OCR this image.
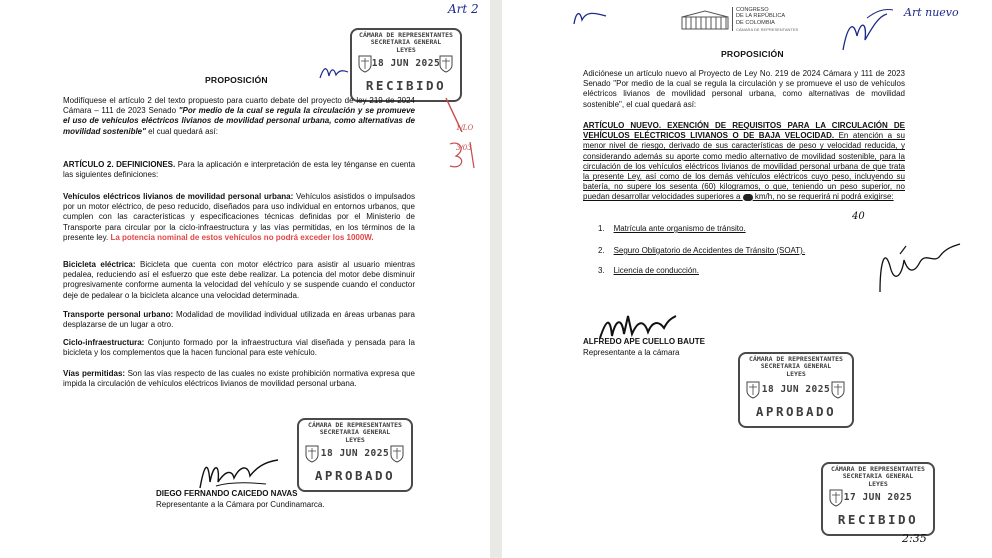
Art 2
PROPOSICIÓN
CÁMARA DE REPRESENTANTES
SECRETARIA GENERAL
LEYES
18 JUN 2025
RECIBIDO
1/LO 3/03
Modifíquese el artículo 2 del texto propuesto para cuarto debate del proyecto de ley 219 de 2024 Cámara – 111 de 2023 Senado "Por medio de la cual se regula la circulación y se promueve el uso de vehículos eléctricos livianos de movilidad personal urbana, como alternativas de movilidad sostenible" el cual quedará así:
ARTÍCULO 2. DEFINICIONES. Para la aplicación e interpretación de esta ley ténganse en cuenta las siguientes definiciones:
Vehículos eléctricos livianos de movilidad personal urbana: Vehículos asistidos o impulsados por un motor eléctrico, de peso reducido, diseñados para uso individual en entornos urbanos, que cumplen con las características y especificaciones técnicas definidas por el Ministerio de Transporte para circular por la ciclo-infraestructura y las vías permitidas, en los términos de la presente ley. La potencia nominal de estos vehículos no podrá exceder los 1000W.
Bicicleta eléctrica: Bicicleta que cuenta con motor eléctrico para asistir al usuario mientras pedalea, reduciendo así el esfuerzo que este debe realizar. La potencia del motor debe disminuir progresivamente conforme aumenta la velocidad del vehículo y se suspende cuando el conductor deje de pedalear o la bicicleta alcance una velocidad determinada.
Transporte personal urbano: Modalidad de movilidad individual utilizada en áreas urbanas para desplazarse de un lugar a otro.
Ciclo-infraestructura: Conjunto formado por la infraestructura vial diseñada y pensada para la bicicleta y los complementos que la hacen funcional para este vehículo.
Vías permitidas: Son las vías respecto de las cuales no existe prohibición normativa expresa que impida la circulación de vehículos eléctricos livianos de movilidad personal urbana.
CÁMARA DE REPRESENTANTES
SECRETARIA GENERAL
LEYES
18 JUN 2025
APROBADO
DIEGO FERNANDO CAICEDO NAVAS
Representante a la Cámara por Cundinamarca.
CONGRESO
DE LA REPÚBLICA
DE COLOMBIA
CÁMARA DE REPRESENTANTES
Art nuevo
PROPOSICIÓN
Adiciónese un artículo nuevo al Proyecto de Ley No. 219 de 2024 Cámara y 111 de 2023 Senado "Por medio de la cual se regula la circulación y se promueve el uso de vehículos eléctricos livianos de movilidad personal urbana, como alternativas de movilidad sostenible", el cual quedará así:
ARTÍCULO NUEVO. EXENCIÓN DE REQUISITOS PARA LA CIRCULACIÓN DE VEHÍCULOS ELÉCTRICOS LIVIANOS O DE BAJA VELOCIDAD. En atención a su menor nivel de riesgo, derivado de sus características de peso y velocidad reducida, y considerando además su aporte como medio alternativo de movilidad sostenible, para la circulación de los vehículos eléctricos livianos de movilidad personal urbana de que trata la presente Ley, así como de los demás vehículos eléctricos cuyo peso, incluyendo su batería, no supere los sesenta (60) kilogramos, o que, teniendo un peso superior, no puedan desarrollar velocidades superiores a  km/h, no se requerirá ni podrá exigirse:
40
1. Matrícula ante organismo de tránsito.
2. Seguro Obligatorio de Accidentes de Tránsito (SOAT).
3. Licencia de conducción.
ALFREDO APE CUELLO BAUTE
Representante a la cámara
CÁMARA DE REPRESENTANTES
SECRETARIA GENERAL
LEYES
18 JUN 2025
APROBADO
CÁMARA DE REPRESENTANTES
SECRETARIA GENERAL
LEYES
17 JUN 2025
RECIBIDO
2:35
